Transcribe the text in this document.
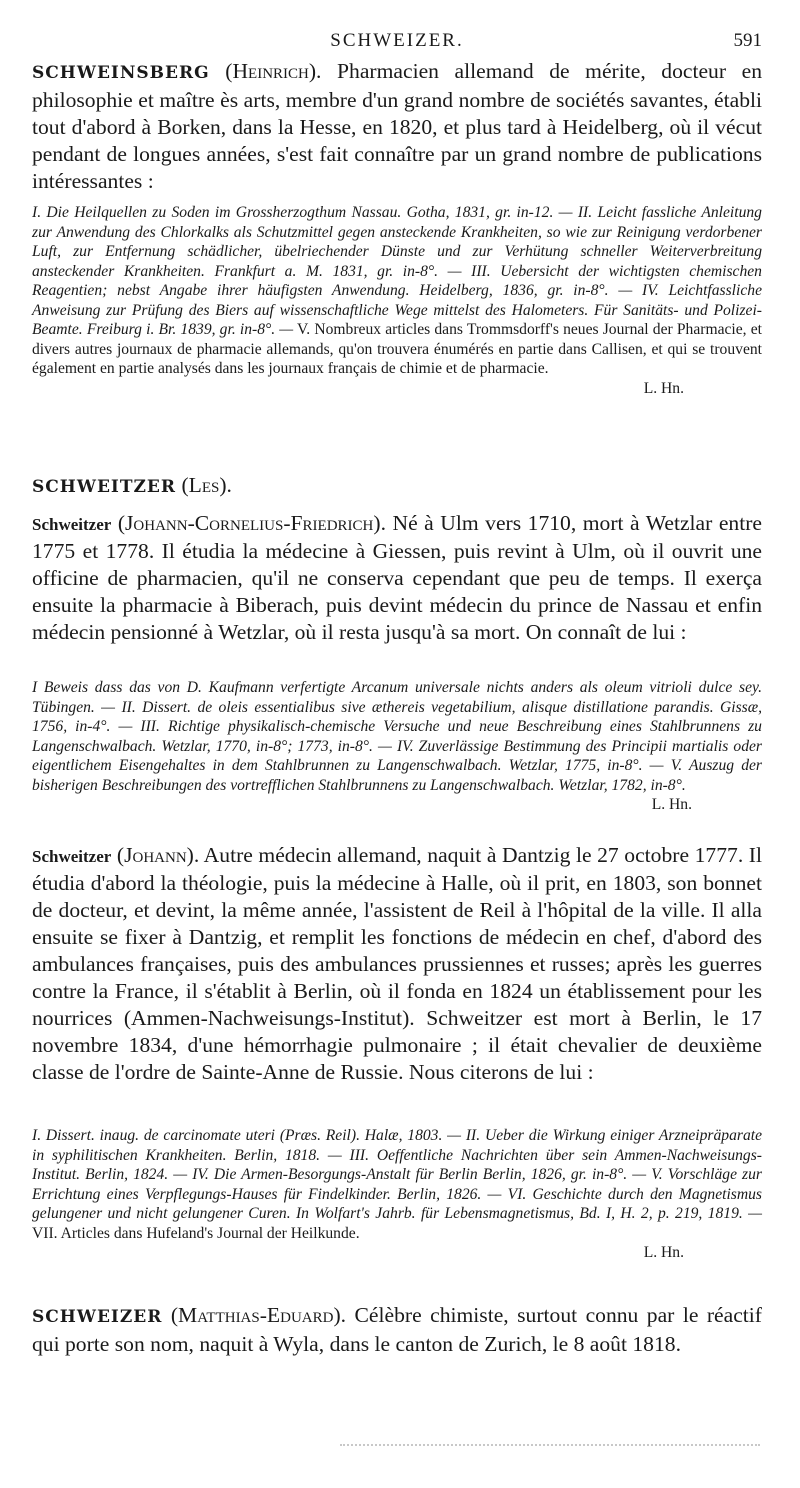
SCHWEIZER.	591
SCHWEINSBERG (Heinrich). Pharmacien allemand de mérite, docteur en philosophie et maître ès arts, membre d'un grand nombre de sociétés savantes, établi tout d'abord à Borken, dans la Hesse, en 1820, et plus tard à Heidelberg, où il vécut pendant de longues années, s'est fait connaître par un grand nombre de publications intéressantes :
I. Die Heilquellen zu Soden im Grossherzogthum Nassau. Gotha, 1831, gr. in-12. — II. Leicht fassliche Anleitung zur Anwendung des Chlorkalks als Schutzmittel gegen ansteckende Krankheiten, so wie zur Reinigung verdorbener Luft, zur Entfernung schädlicher, übelriechender Dünste und zur Verhütung schneller Weiterverbreitung ansteckender Krankheiten. Frankfurt a. M. 1831, gr. in-8°. — III. Uebersicht der wichtigsten chemischen Reagentien; nebst Angabe ihrer häufigsten Anwendung. Heidelberg, 1836, gr. in-8°. — IV. Leichtfassliche Anweisung zur Prüfung des Biers auf wissenschaftliche Wege mittelst des Halometers. Für Sanitäts- und Polizei-Beamte. Freiburg i. Br. 1839, gr. in-8°. — V. Nombreux articles dans Trommsdorff's neues Journal der Pharmacie, et divers autres journaux de pharmacie allemands, qu'on trouvera énumérés en partie dans Callisen, et qui se trouvent également en partie analysés dans les journaux français de chimie et de pharmacie.
L. Hn.
SCHWEITZER (Les).
Schweitzer (Johann-Cornelius-Friedrich). Né à Ulm vers 1710, mort à Wetzlar entre 1775 et 1778. Il étudia la médecine à Giessen, puis revint à Ulm, où il ouvrit une officine de pharmacien, qu'il ne conserva cependant que peu de temps. Il exerça ensuite la pharmacie à Biberach, puis devint médecin du prince de Nassau et enfin médecin pensionné à Wetzlar, où il resta jusqu'à sa mort. On connaît de lui :
I Beweis dass das von D. Kaufmann verfertigte Arcanum universale nichts anders als oleum vitrioli dulce sey. Tübingen. — II. Dissert. de oleis essentialibus sive ætherеis vegetabilium, alisque distillatione parandis. Gissæ, 1756, in-4°. — III. Richtige physikalisch-chemische Versuche und neue Beschreibung eines Stahlbrunnens zu Langenschwalbach. Wetzlar, 1770, in-8°; 1773, in-8°. — IV. Zuverlässige Bestimmung des Principii martialis oder eigentlichem Eisengehaltes in dem Stahlbrunnen zu Langenschwalbach. Wetzlar, 1775, in-8°. — V. Auszug der bisherigen Beschreibungen des vortrefflichen Stahlbrunnens zu Langenschwalbach. Wetzlar, 1782, in-8°.
L. Hn.
Schweitzer (Johann). Autre médecin allemand, naquit à Dantzig le 27 octobre 1777. Il étudia d'abord la théologie, puis la médecine à Halle, où il prit, en 1803, son bonnet de docteur, et devint, la même année, l'assistent de Reil à l'hôpital de la ville. Il alla ensuite se fixer à Dantzig, et remplit les fonctions de médecin en chef, d'abord des ambulances françaises, puis des ambulances prussiennes et russes; après les guerres contre la France, il s'établit à Berlin, où il fonda en 1824 un établissement pour les nourrices (Ammen-Nachweisungs-Institut). Schweitzer est mort à Berlin, le 17 novembre 1834, d'une hémorrhagie pulmonaire ; il était chevalier de deuxième classe de l'ordre de Sainte-Anne de Russie. Nous citerons de lui :
I. Dissert. inaug. de carcinomate uteri (Præs. Reil). Halæ, 1803. — II. Ueber die Wirkung einiger Arzneipräparate in syphilitischen Krankheiten. Berlin, 1818. — III. Oeffentliche Nachrichten über sein Ammen-Nachweisungs-Institut. Berlin, 1824. — IV. Die Armen-Besorgungs-Anstalt für Berlin Berlin, 1826, gr. in-8°. — V. Vorschläge zur Errichtung eines Verpflegungs-Hauses für Findelkinder. Berlin, 1826. — VI. Geschichte durch den Magnetismus gelungener und nicht gelungener Curen. In Wolfart's Jahrb. für Lebensmagnetismus, Bd. I, H. 2, p. 219, 1819. — VII. Articles dans Hufeland's Journal der Heilkunde.
L. Hn.
SCHWEIZER (Matthias-Eduard). Célèbre chimiste, surtout connu par le réactif qui porte son nom, naquit à Wyla, dans le canton de Zurich, le 8 août 1818.
